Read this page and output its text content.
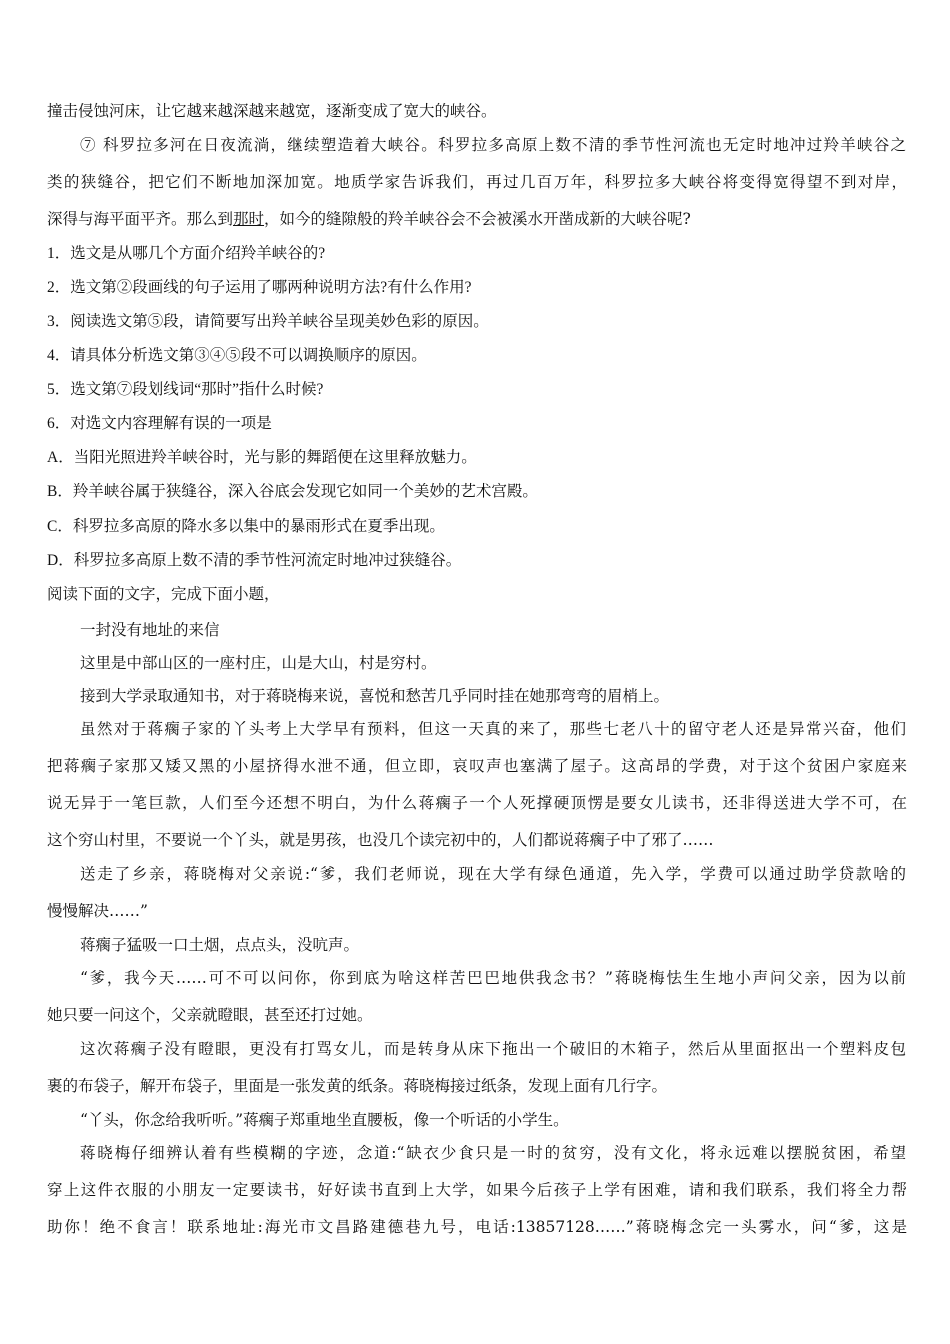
撞击侵蚀河床，让它越来越深越来越宽，逐渐变成了宽大的峡谷。
⑦ 科罗拉多河在日夜流淌，继续塑造着大峡谷。科罗拉多高原上数不清的季节性河流也无定时地冲过羚羊峡谷之
类的狭缝谷，把它们不断地加深加宽。地质学家告诉我们，再过几百万年，科罗拉多大峡谷将变得宽得望不到对岸，
深得与海平面平齐。那么到那时，如今的缝隙般的羚羊峡谷会不会被溪水开凿成新的大峡谷呢?
1．选文是从哪几个方面介绍羚羊峡谷的?
2．选文第②段画线的句子运用了哪两种说明方法?有什么作用?
3．阅读选文第⑤段，请简要写出羚羊峡谷呈现美妙色彩的原因。
4．请具体分析选文第③④⑤段不可以调换顺序的原因。
5．选文第⑦段划线词“那时”指什么时候?
6．对选文内容理解有误的一项是
A．当阳光照进羚羊峡谷时，光与影的舞蹈便在这里释放魅力。
B．羚羊峡谷属于狭缝谷，深入谷底会发现它如同一个美妙的艺术宫殿。
C．科罗拉多高原的降水多以集中的暴雨形式在夏季出现。
D．科罗拉多高原上数不清的季节性河流定时地冲过狭缝谷。
阅读下面的文字，完成下面小题，
一封没有地址的来信
这里是中部山区的一座村庄，山是大山，村是穷村。
接到大学录取通知书，对于蒋晓梅来说，喜悦和愁苦几乎同时挂在她那弯弯的眉梢上。
虽然对于蒋瘸子家的丫头考上大学早有预料，但这一天真的来了，那些七老八十的留守老人还是异常兴奋，他们
把蒋瘸子家那又矮又黑的小屋挤得水泄不通，但立即，哀叹声也塞满了屋子。这高昂的学费，对于这个贫困户家庭来
说无异于一笔巨款，人们至今还想不明白，为什么蒋瘸子一个人死撑硬顶愣是要女儿读书，还非得送进大学不可，在
这个穷山村里，不要说一个丫头，就是男孩，也没几个读完初中的，人们都说蒋瘸子中了邪了……
送走了乡亲，蒋晓梅对父亲说:“爹，我们老师说，现在大学有绿色通道，先入学，学费可以通过助学贷款啥的
慢慢解决……”
蒋瘸子猛吸一口土烟，点点头，没吭声。
“爹，我今天……可不可以问你，你到底为啥这样苦巴巴地供我念书？”蒋晓梅怯生生地小声问父亲，因为以前
她只要一问这个，父亲就瞪眼，甚至还打过她。
这次蒋瘸子没有瞪眼，更没有打骂女儿，而是转身从床下拖出一个破旧的木箱子，然后从里面抠出一个塑料皮包
裹的布袋子，解开布袋子，里面是一张发黄的纸条。蒋晓梅接过纸条，发现上面有几行字。
“丫头，你念给我听听。”蒋瘸子郑重地坐直腰板，像一个听话的小学生。
蒋晓梅仔细辨认着有些模糊的字迹，念道:“缺衣少食只是一时的贫穷，没有文化，将永远难以摆脱贫困，希望
穿上这件衣服的小朋友一定要读书，好好读书直到上大学，如果今后孩子上学有困难，请和我们联系，我们将全力帮
助你！绝不食言！联系地址:海光市文昌路建德巷九号，电话:13857128……”蒋晓梅念完一头雾水，问“爹，这是
